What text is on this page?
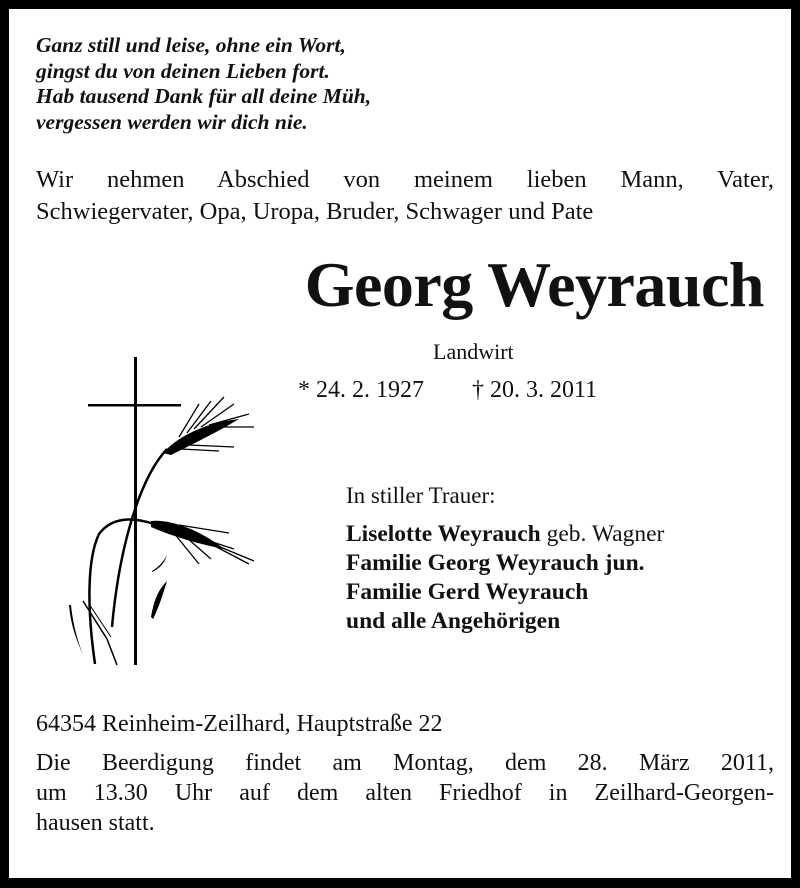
Ganz still und leise, ohne ein Wort,
gingst du von deinen Lieben fort.
Hab tausend Dank für all deine Müh,
vergessen werden wir dich nie.
Wir nehmen Abschied von meinem lieben Mann, Vater,
Schwiegervater, Opa, Uropa, Bruder, Schwager und Pate
Georg Weyrauch
Landwirt
* 24. 2. 1927 † 20. 3. 2011
In stiller Trauer:
Liselotte Weyrauch geb. Wagner
Familie Georg Weyrauch jun.
Familie Gerd Weyrauch
und alle Angehörigen
64354 Reinheim-Zeilhard, Hauptstraße 22
Die Beerdigung findet am Montag, dem 28. März 2011,
um 13.30 Uhr auf dem alten Friedhof in Zeilhard-Georgen-
hausen statt.
